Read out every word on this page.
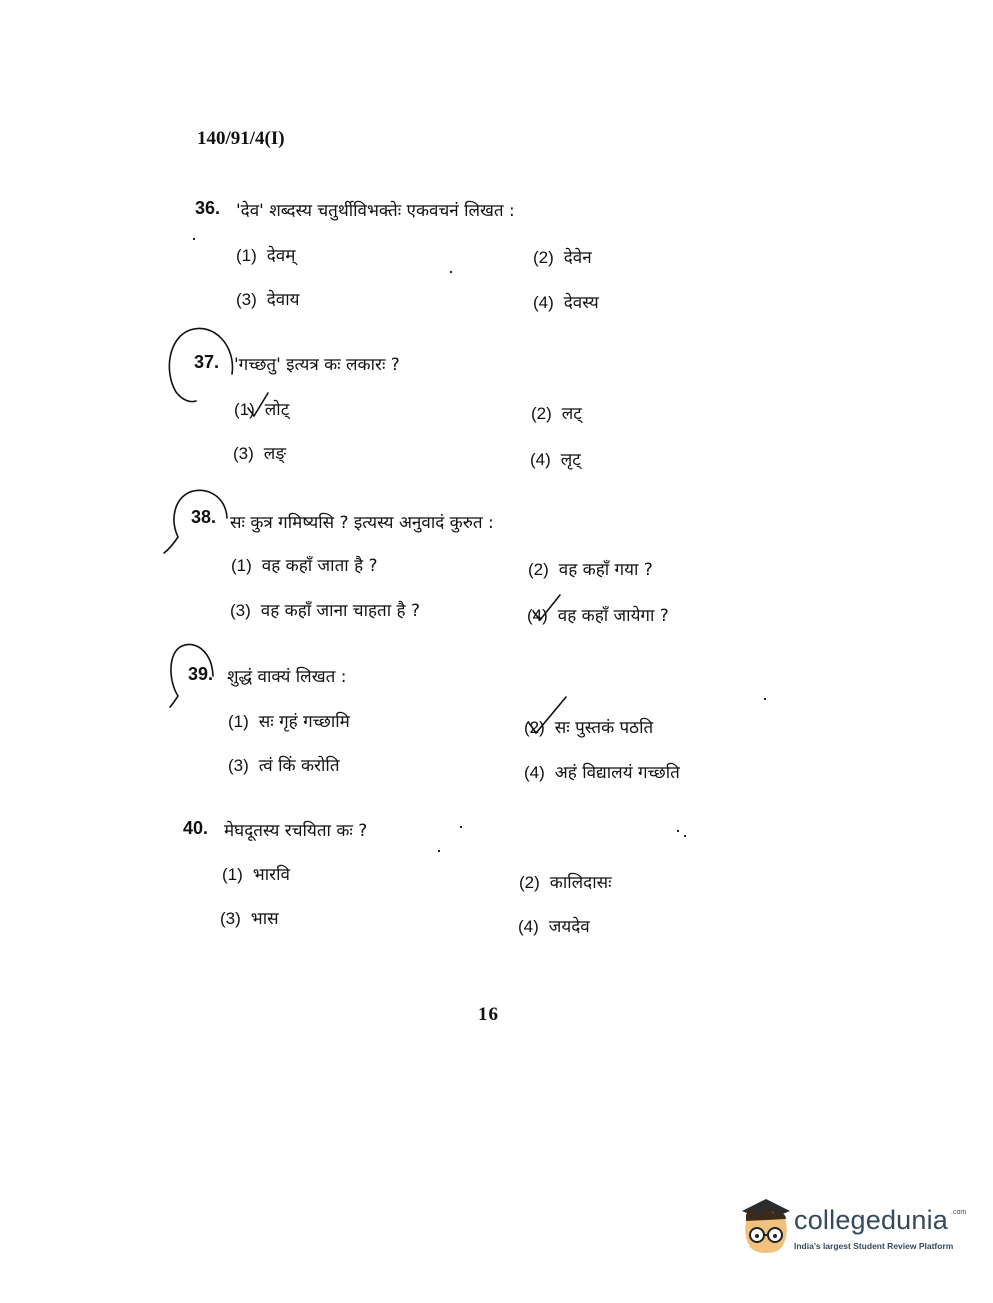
140/91/4(I)
36. 'देव' शब्दस्य चतुर्थीविभक्तेः एकवचनं लिखत :
(1) देवम्	(2) देवेन
(3) देवाय	(4) देवस्य
37. 'गच्छतु' इत्यत्र कः लकारः ?
(1) लोट्	(2) लट्
(3) लङ्	(4) लृट्
38. सः कुत्र गमिष्यसि ? इत्यस्य अनुवादं कुरुत :
(1) वह कहाँ जाता है ?	(2) वह कहाँ गया ?
(3) वह कहाँ जाना चाहता है ?	(4) वह कहाँ जायेगा ?
39. शुद्धं वाक्यं लिखत :
(1) सः गृहं गच्छामि	(2) सः पुस्तकं पठति
(3) त्वं किं करोति	(4) अहं विद्यालयं गच्छति
40. मेघदूतस्य रचयिता कः ?
(1) भारवि	(2) कालिदासः
(3) भास	(4) जयदेव
16
collegedunia .com
India's largest Student Review Platform
